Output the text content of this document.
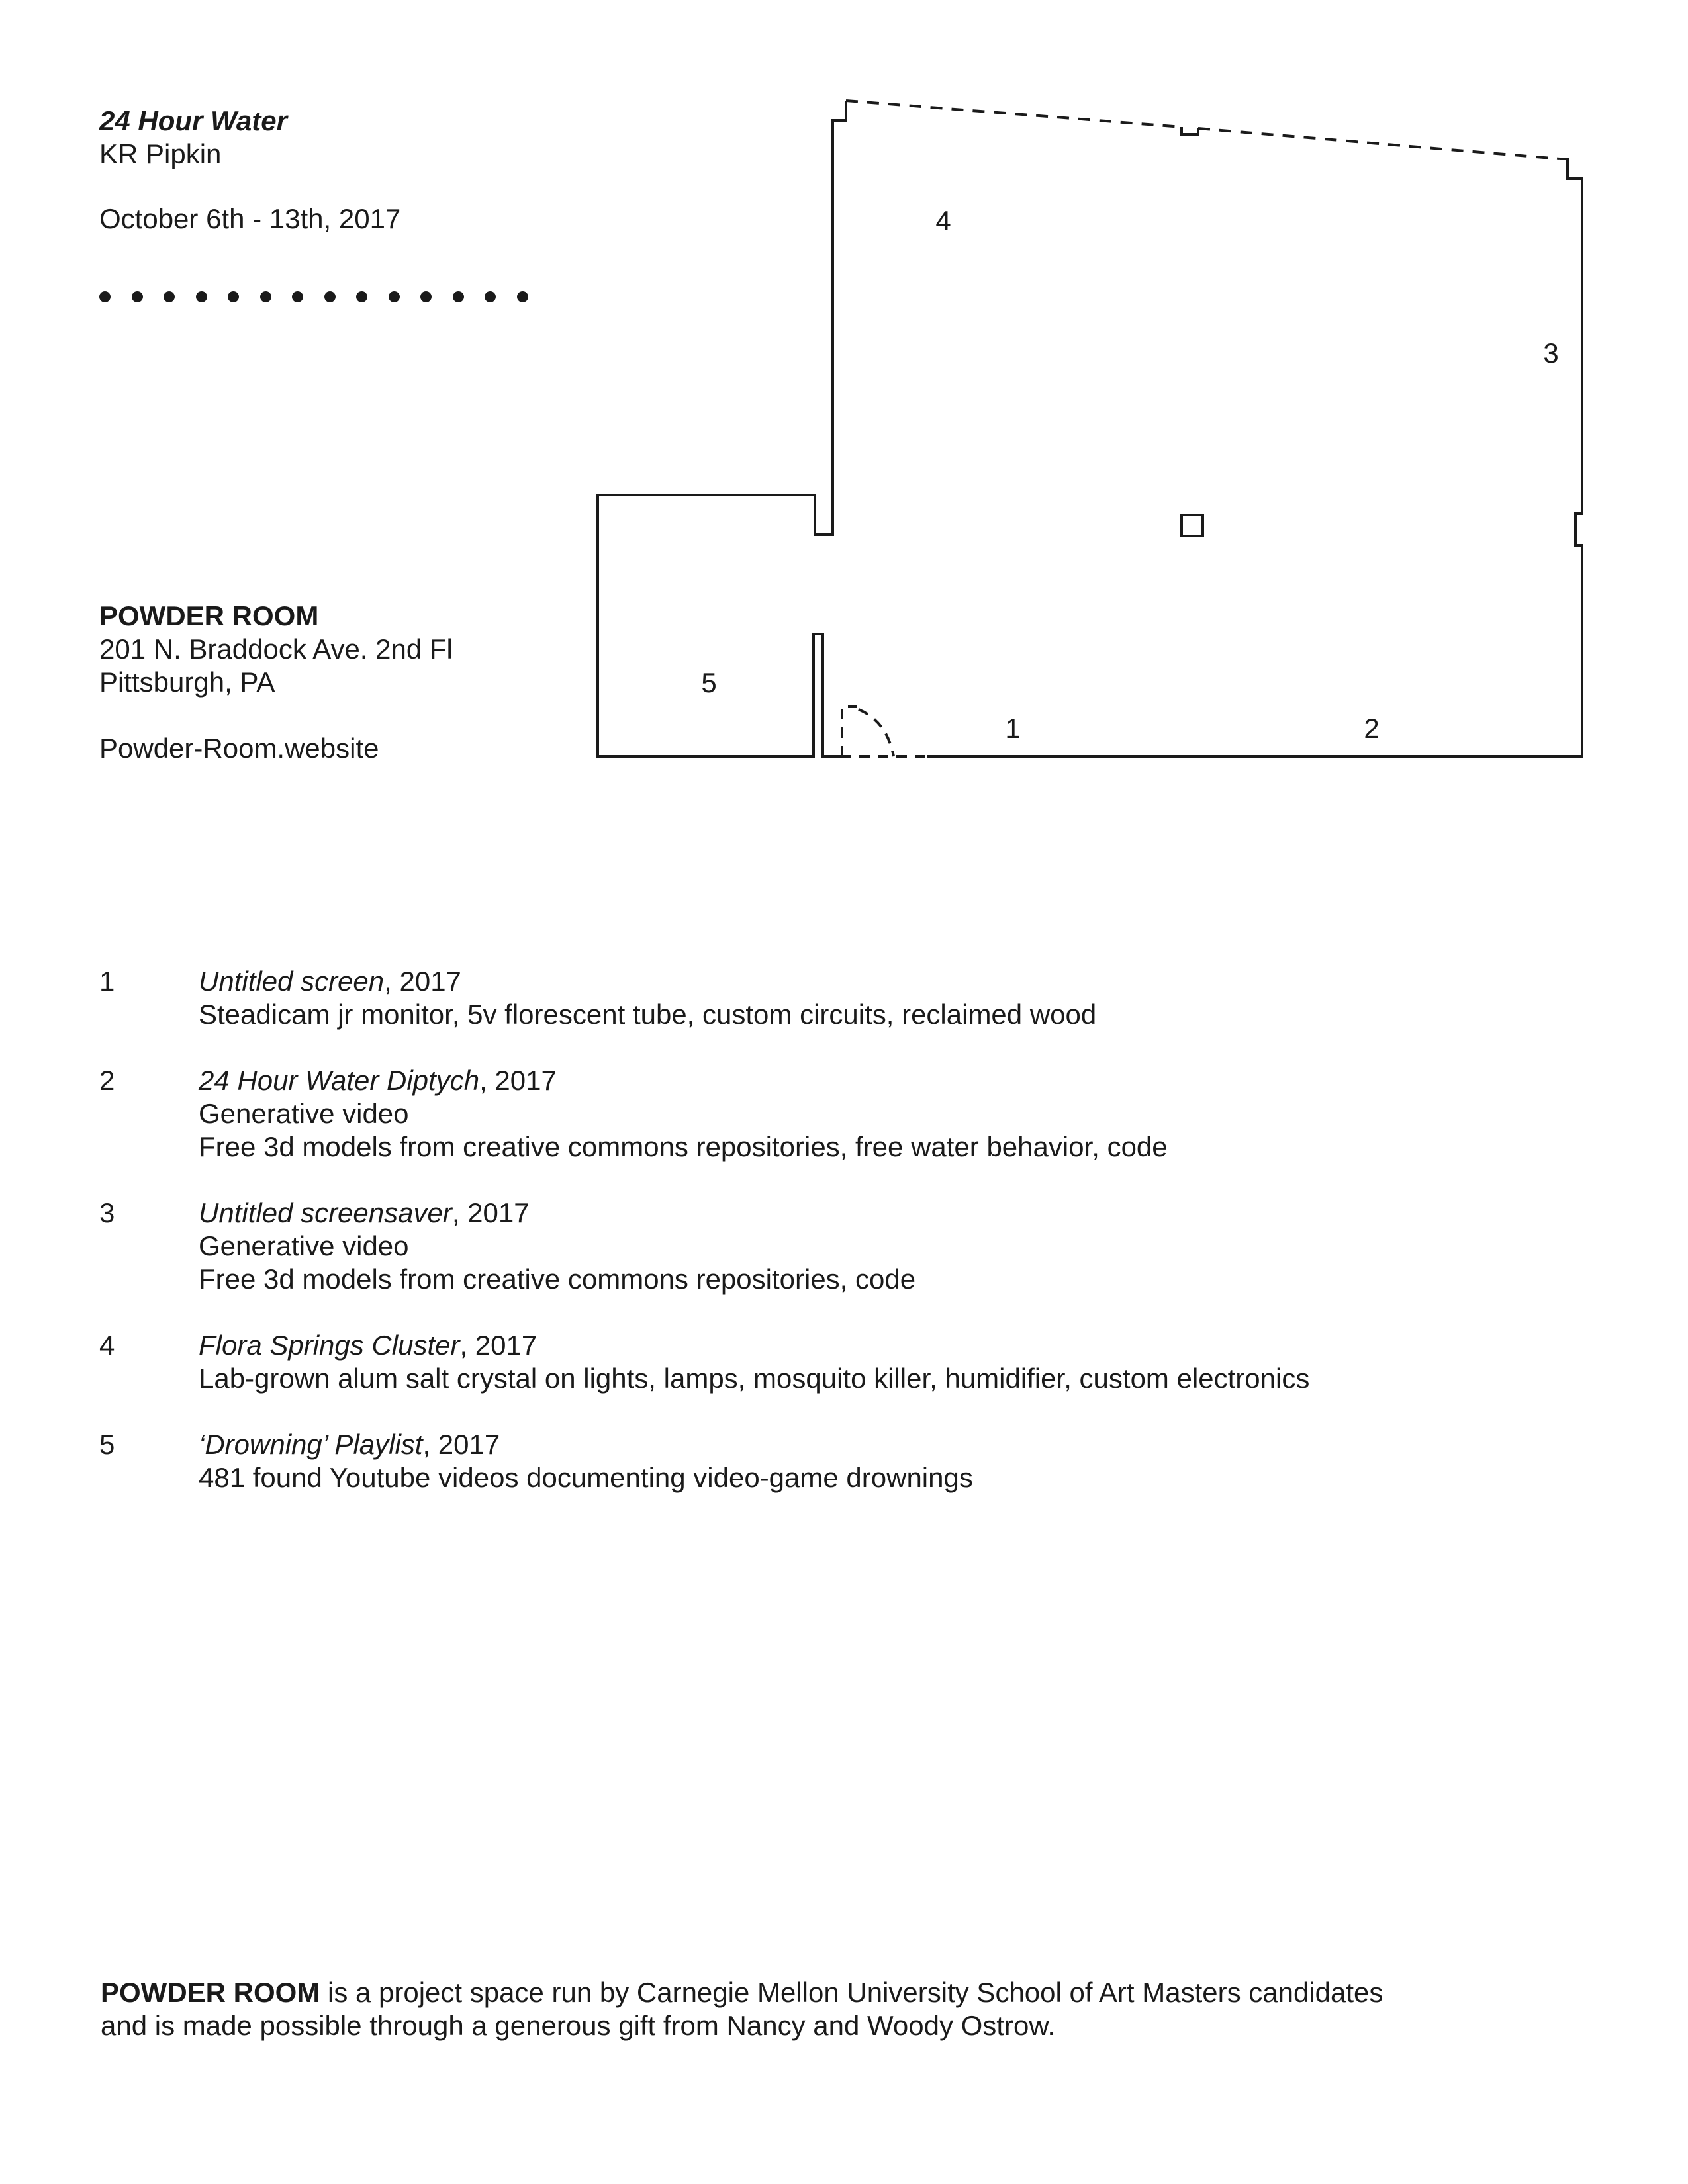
24 Hour Water

KR Pipkin

October 6th - 13th, 2017

POWDER ROOM

201 N. Braddock Ave. 2nd Fl

Pittsburgh, PA

Powder-Room.website

4
3
5
1	2

1	Untitled screen, 2017

Steadicam jr monitor, 5v florescent tube, custom circuits, reclaimed wood

2	24 Hour Water Diptych, 2017

Generative video

Free 3d models from creative commons repositories, free water behavior, code

3	Untitled screensaver, 2017

Generative video

Free 3d models from creative commons repositories, code

4	Flora Springs Cluster, 2017

Lab-grown alum salt crystal on lights, lamps, mosquito killer, humidifier, custom electronics

5	‘Drowning’ Playlist, 2017

481 found Youtube videos documenting video-game drownings

POWDER ROOM is a project space run by Carnegie Mellon University School of Art Masters candidates

and is made possible through a generous gift from Nancy and Woody Ostrow.
